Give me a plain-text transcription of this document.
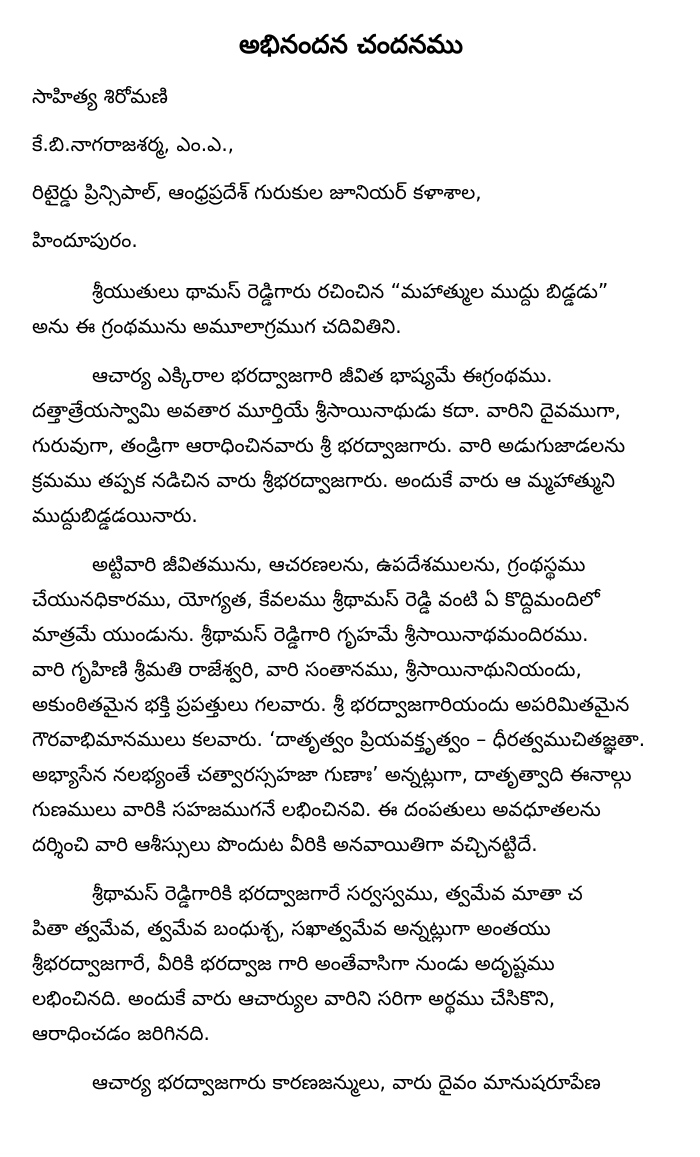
అభినందన చందనము
సాహిత్య శిరోమణి
కే.బి.నాగరాజశర్మ, ఎం.ఎ.,
రిటైర్డు ప్రిన్సిపాల్, ఆంధ్రప్రదేశ్ గురుకుల జూనియర్ కళాశాల,
హిందూపురం.
శ్రీయుతులు థామస్ రెడ్డిగారు రచించిన “మహాత్ముల ముద్దు బిడ్డడు”
అను ఈ గ్రంథమును అమూలాగ్రముగ చదివితిని.
ఆచార్య ఎక్కిరాల భరద్వాజగారి జీవిత భాష్యమే ఈగ్రంథము.
దత్తాత్రేయస్వామి అవతార మూర్తియే శ్రీసాయినాథుడు కదా. వారిని దైవముగా,
గురువుగా, తండ్రిగా ఆరాధించినవారు శ్రీ భరద్వాజగారు. వారి అడుగుజాడలను
క్రమము తప్పక నడిచిన వారు శ్రీభరద్వాజగారు. అందుకే వారు ఆ మ్మహాత్ముని
ముద్దుబిడ్డడయినారు.
అట్టివారి జీవితమును, ఆచరణలను, ఉపదేశములను, గ్రంథస్థము
చేయునధికారము, యోగ్యత, కేవలము శ్రీథామస్ రెడ్డి వంటి ఏ కొద్దిమందిలో
మాత్రమే యుండును. శ్రీథామస్ రెడ్డిగారి గృహమే శ్రీసాయినాథమందిరము.
వారి గృహిణి శ్రీమతి రాజేశ్వరి, వారి సంతానము, శ్రీసాయినాథునియందు,
అకుంఠితమైన భక్తి ప్రపత్తులు గలవారు. శ్రీ భరద్వాజగారియందు అపరిమితమైన
గౌరవాభిమానములు కలవారు. ‘దాతృత్వం ప్రియవక్తృత్వం – ధీరత్వముచితజ్ఞతా.
అభ్యాసేన నలభ్యంతే చత్వారస్సహజా గుణాః’ అన్నట్లుగా, దాతృత్వాది ఈనాల్గు
గుణములు వారికి సహజముగనే లభించినవి. ఈ దంపతులు అవధూతలను
దర్శించి వారి ఆశీస్సులు పొందుట వీరికి అనవాయితిగా వచ్చినట్టిదే.
శ్రీథామస్ రెడ్డిగారికి భరద్వాజగారే సర్వస్వము, త్వమేవ మాతా చ
పితా త్వమేవ, త్వమేవ బంధుశ్చ, సఖాత్వమేవ అన్నట్లుగా అంతయు
శ్రీభరద్వాజగారే, వీరికి భరద్వాజ గారి అంతేవాసిగా నుండు అదృష్టము
లభించినది. అందుకే వారు ఆచార్యుల వారిని సరిగా అర్థము చేసికొని,
ఆరాధించడం జరిగినది.
ఆచార్య భరద్వాజగారు కారణజన్ములు, వారు దైవం మానుషరూపేణ
